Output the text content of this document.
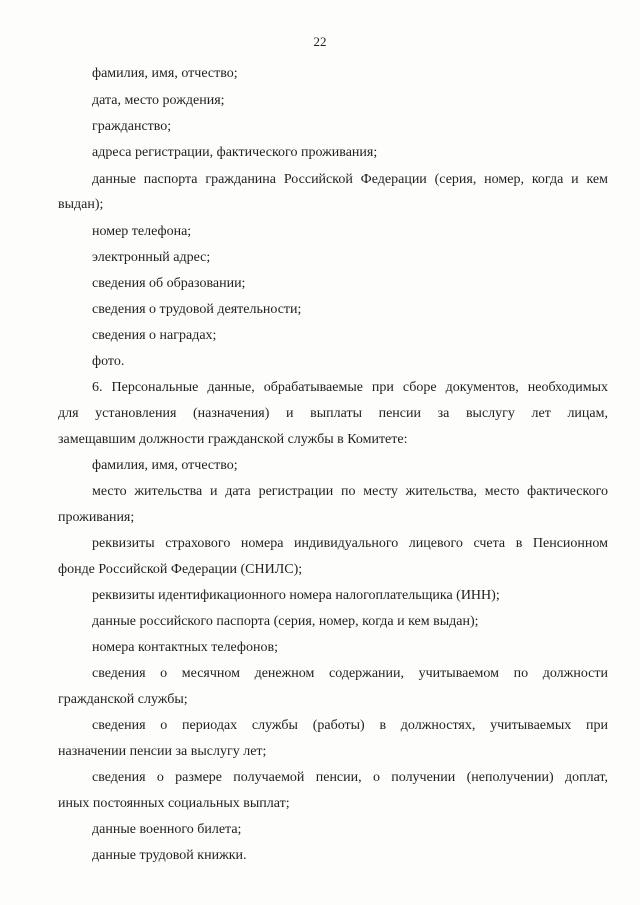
22

фамилия, имя, отчество;

дата, место рождения;

гражданство;

адреса регистрации, фактического проживания;

данные паспорта гражданина Российской Федерации (серия, номер, когда и кем

выдан);

номер телефона;

электронный адрес;

сведения об образовании;

сведения о трудовой деятельности;

сведения о наградах;

фото.

6. Персональные данные, обрабатываемые при сборе документов, необходимых

для установления (назначения) и выплаты пенсии за выслугу лет лицам,

замещавшим должности гражданской службы в Комитете:

фамилия, имя, отчество;

место жительства и дата регистрации по месту жительства, место фактического

проживания;

реквизиты страхового номера индивидуального лицевого счета в Пенсионном

фонде Российской Федерации (СНИЛС);

реквизиты идентификационного номера налогоплательщика (ИНН);

данные российского паспорта (серия, номер, когда и кем выдан);

номера контактных телефонов;

сведения о месячном денежном содержании, учитываемом по должности

гражданской службы;

сведения о периодах службы (работы) в должностях, учитываемых при

назначении пенсии за выслугу лет;

сведения о размере получаемой пенсии, о получении (неполучении) доплат,

иных постоянных социальных выплат;

данные военного билета;

данные трудовой книжки.
